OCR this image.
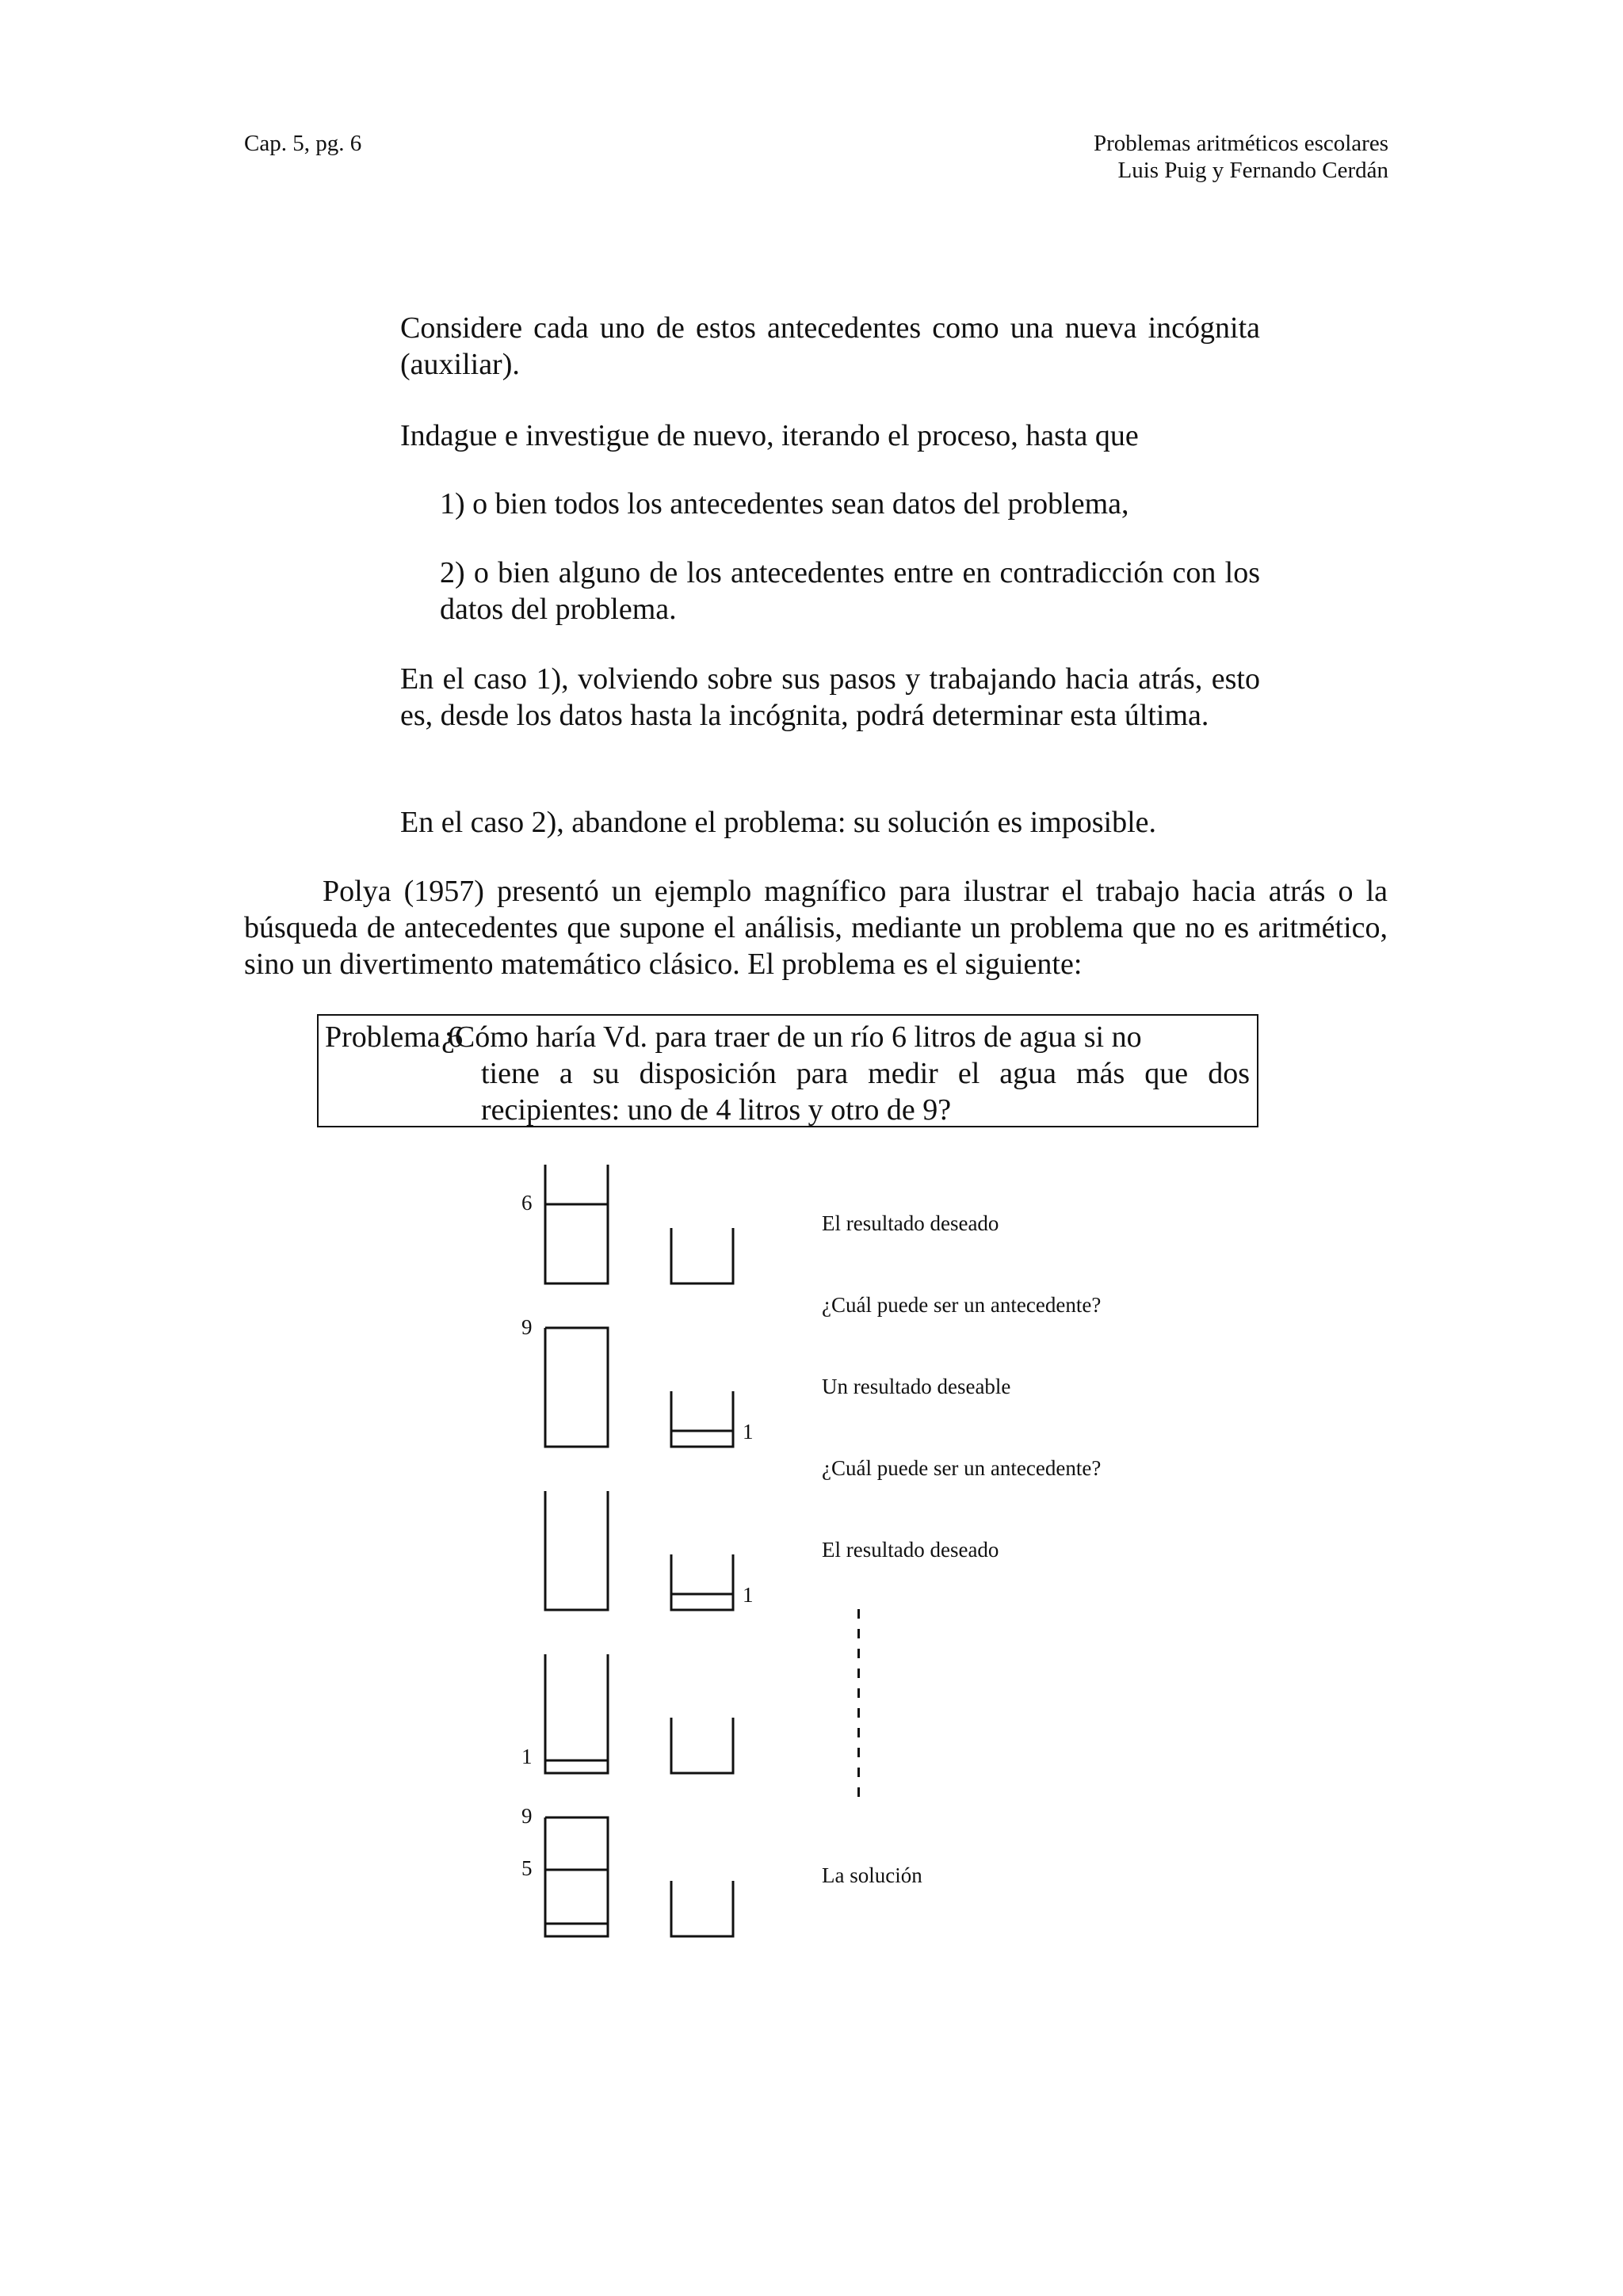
Cap. 5, pg. 6	Problemas aritméticos escolares
Luis Puig y Fernando Cerdán

Considere cada uno de estos antecedentes como una nueva incógnita (auxiliar).

Indague e investigue de nuevo, iterando el proceso, hasta que

1) o bien todos los antecedentes sean datos del problema,

2) o bien alguno de los antecedentes entre en contradicción con los datos del problema.

En el caso 1), volviendo sobre sus pasos y trabajando hacia atrás, esto es, desde los datos hasta la incógnita, podrá determinar esta última.

En el caso 2), abandone el problema: su solución es imposible.

Polya (1957) presentó un ejemplo magnífico para ilustrar el trabajo hacia atrás o la búsqueda de antecedentes que supone el análisis, mediante un problema que no es aritmético, sino un divertimento matemático clásico. El problema es el siguiente:

Problema 6
¿Cómo haría Vd. para traer de un río 6 litros de agua si no
tiene a su disposición para medir el agua más que dos recipientes: uno de 4 litros y otro de 9?
6
9
1
1
1
9
5
El resultado deseado
¿Cuál puede ser un antecedente?
Un resultado deseable
¿Cuál puede ser un antecedente?
El resultado deseado
La solución
